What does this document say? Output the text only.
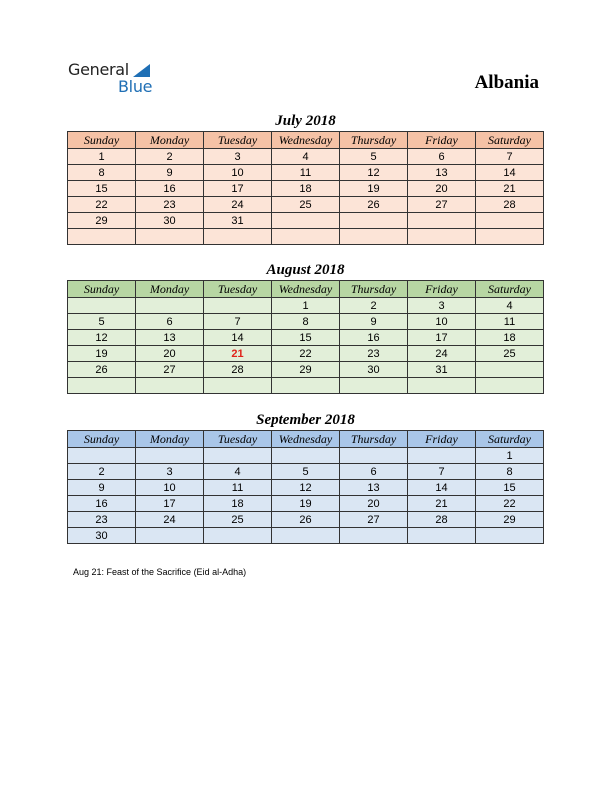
General
Blue	Albania
July 2018
Sunday	Monday	Tuesday	Wednesday	Thursday	Friday	Saturday
1	2	3	4	5	6	7
8	9	10	11	12	13	14
15	16	17	18	19	20	21
22	23	24	25	26	27	28
29	30	31				

August 2018
Sunday	Monday	Tuesday	Wednesday	Thursday	Friday	Saturday
			1	2	3	4
5	6	7	8	9	10	11
12	13	14	15	16	17	18
19	20	21	22	23	24	25
26	27	28	29	30	31	

September 2018
Sunday	Monday	Tuesday	Wednesday	Thursday	Friday	Saturday
						1
2	3	4	5	6	7	8
9	10	11	12	13	14	15
16	17	18	19	20	21	22
23	24	25	26	27	28	29
30						
Aug 21: Feast of the Sacrifice (Eid al-Adha)
